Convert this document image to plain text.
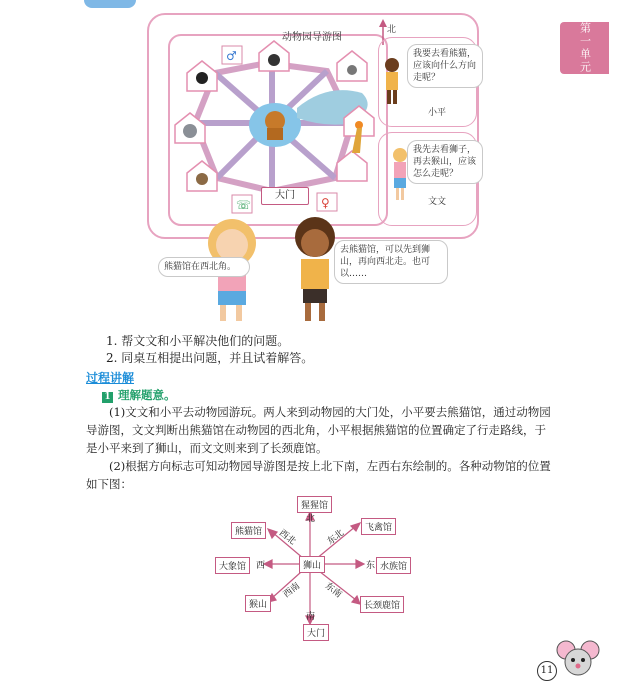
第一单元
♂
♀
☏
动物园导游图
北
大门
我要去看熊猫，应该向什么方向走呢？
小平
我先去看狮子，再去猴山，应该怎么走呢？
文文
熊猫馆在西北角。
去熊猫馆，可以先到狮山，再向西北走。也可以……
1. 帮文文和小平解决他们的问题。
2. 同桌互相提出问题，并且试着解答。
过程讲解
1 理解题意。
(1)文文和小平去动物园游玩。两人来到动物园的大门处，小平要去熊猫馆，通过动物园导游图，文文判断出熊猫馆在动物园的西北角，小平根据熊猫馆的位置确定了行走路线，于是小平来到了狮山，而文文则来到了长颈鹿馆。
(2)根据方向标志可知动物园导游图是按上北下南，左西右东绘制的。各种动物馆的位置如下图：
猩猩馆
北
狮山
熊猫馆	西北
飞禽馆
东北
大象馆	西	水族馆
东
猴山
西南
长颈鹿馆
东南
南
大门
11
